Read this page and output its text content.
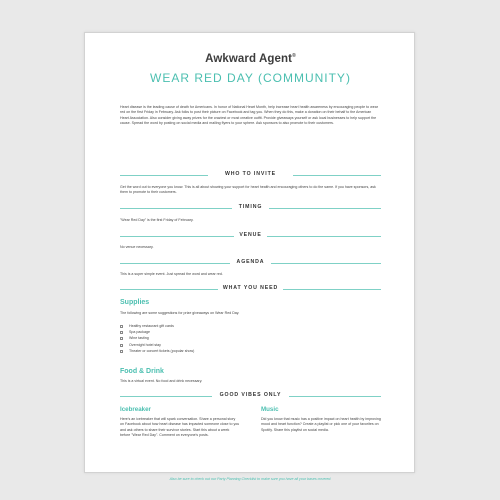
Awkward Agent®
WEAR RED DAY (COMMUNITY)
Heart disease is the leading cause of death for Americans. In honor of National Heart Month, help increase heart health awareness by encouraging people to wear red on the first Friday in February. Ask folks to post their picture on Facebook and tag you. When they do this, make a donation on their behalf to the American Heart Association. Also consider giving away prizes for the craziest or most creative outfit. Provide giveaways yourself or ask local businesses to help support the cause. Spread the word by posting on social media and mailing flyers to your sphere. Ask sponsors to also promote to their customers.
WHO TO INVITE
Get the word out to everyone you know. This is all about showing your support for heart health and encouraging others to do the same. If you have sponsors, ask them to promote to their customers.
TIMING
"Wear Red Day" is the first Friday of February.
VENUE
No venue necessary.
AGENDA
This is a super simple event. Just spread the word and wear red.
WHAT YOU NEED
Supplies
The following are some suggestions for prize giveaways on Wear Red Day.
Healthy restaurant gift cards
Spa package
Wine tasting
Overnight hotel stay
Theater or concert tickets (popular show)
Food & Drink
This is a virtual event. No food and drink necessary.
GOOD VIBES ONLY
Icebreaker
Here's an icebreaker that will spark conversation. Share a personal story on Facebook about how heart disease has impacted someone close to you and ask others to share their survivor stories. Start this about a week before "Wear Red Day". Comment on everyone's posts.
Music
Did you know that music has a positive impact on heart health by improving mood and heart function? Create a playlist or pick one of your favorites on Spotify. Share this playlist on social media.
Also be sure to check out our Party Planning Checklist to make sure you have all your bases covered.
